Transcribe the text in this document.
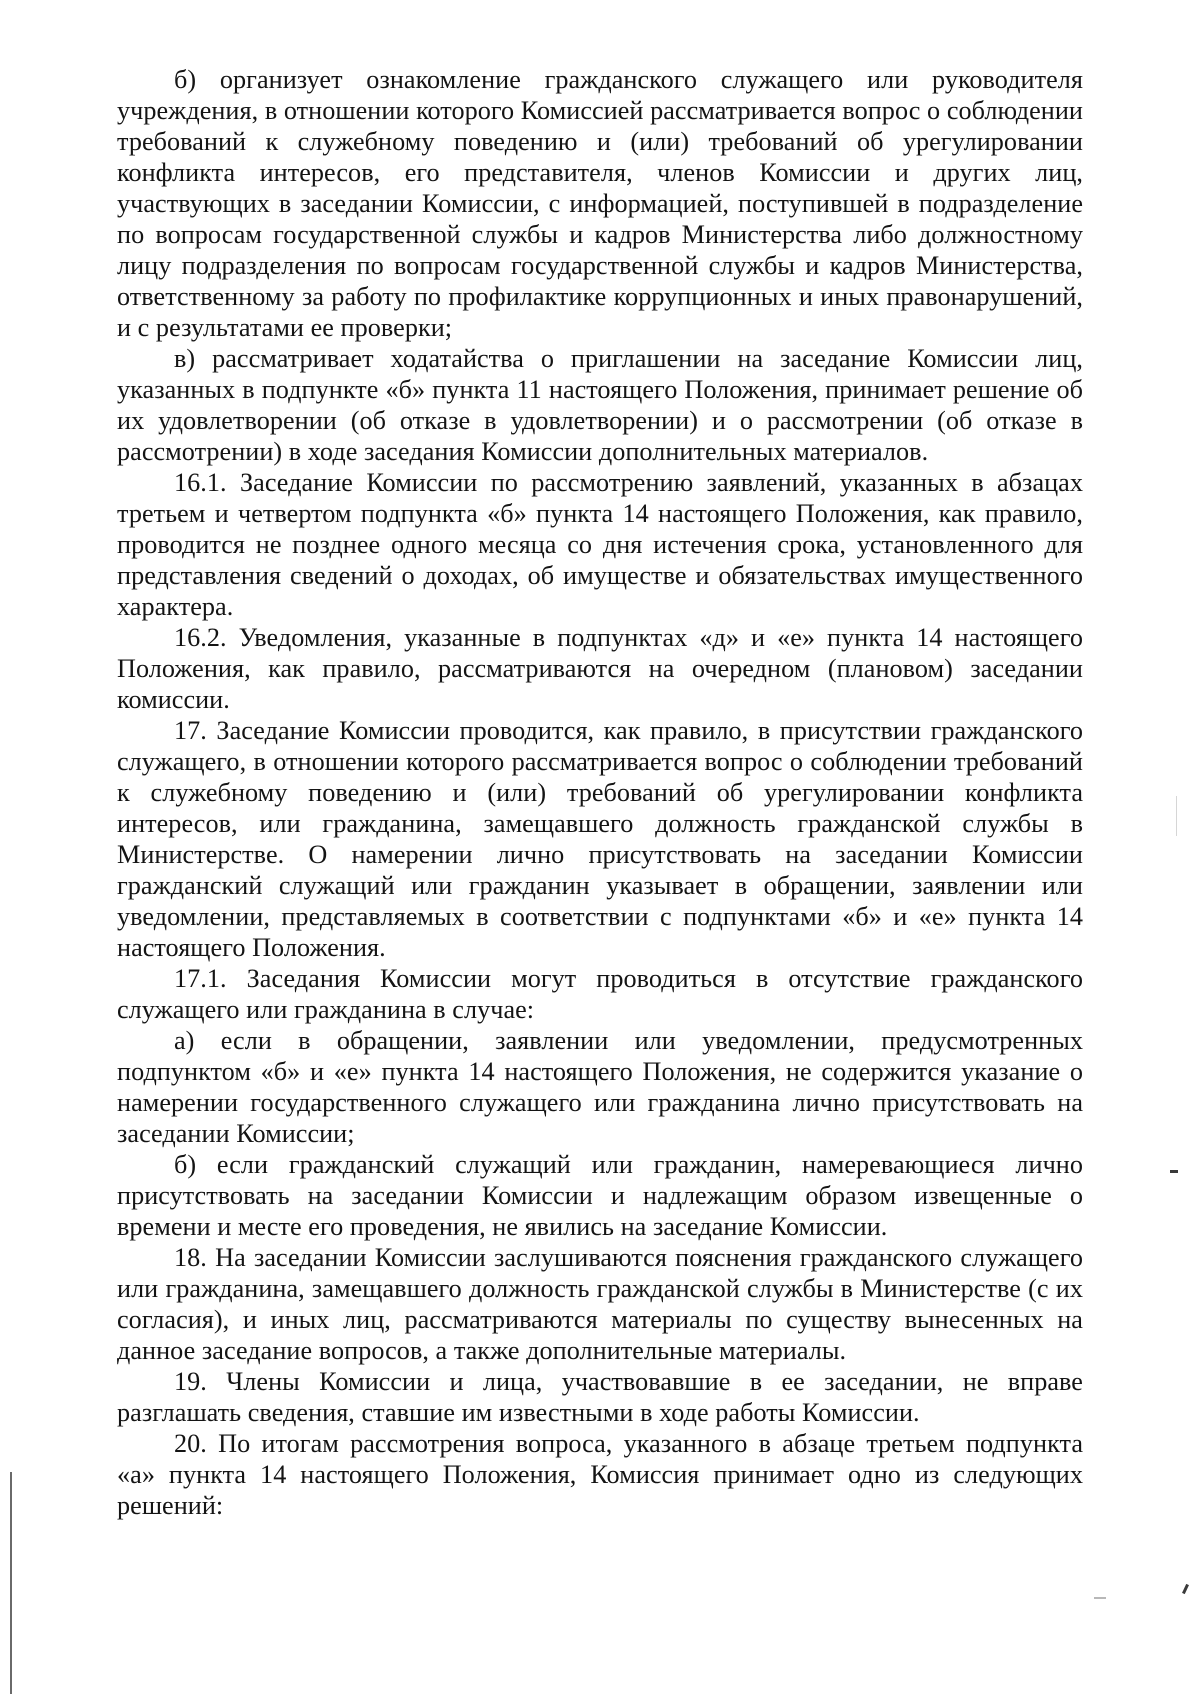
б) организует ознакомление гражданского служащего или руководителя учреждения, в отношении которого Комиссией рассматривается вопрос о соблюдении требований к служебному поведению и (или) требований об урегулировании конфликта интересов, его представителя, членов Комиссии и других лиц, участвующих в заседании Комиссии, с информацией, поступившей в подразделение по вопросам государственной службы и кадров Министерства либо должностному лицу подразделения по вопросам государственной службы и кадров Министерства, ответственному за работу по профилактике коррупционных и иных правонарушений, и с результатами ее проверки;

в) рассматривает ходатайства о приглашении на заседание Комиссии лиц, указанных в подпункте «б» пункта 11 настоящего Положения, принимает решение об их удовлетворении (об отказе в удовлетворении) и о рассмотрении (об отказе в рассмотрении) в ходе заседания Комиссии дополнительных материалов.

16.1. Заседание Комиссии по рассмотрению заявлений, указанных в абзацах третьем и четвертом подпункта «б» пункта 14 настоящего Положения, как правило, проводится не позднее одного месяца со дня истечения срока, установленного для представления сведений о доходах, об имуществе и обязательствах имущественного характера.

16.2. Уведомления, указанные в подпунктах «д» и «е» пункта 14 настоящего Положения, как правило, рассматриваются на очередном (плановом) заседании комиссии.

17. Заседание Комиссии проводится, как правило, в присутствии гражданского служащего, в отношении которого рассматривается вопрос о соблюдении требований к служебному поведению и (или) требований об урегулировании конфликта интересов, или гражданина, замещавшего должность гражданской службы в Министерстве. О намерении лично присутствовать на заседании Комиссии гражданский служащий или гражданин указывает в обращении, заявлении или уведомлении, представляемых в соответствии с подпунктами «б» и «е» пункта 14 настоящего Положения.

17.1. Заседания Комиссии могут проводиться в отсутствие гражданского служащего или гражданина в случае:

а) если в обращении, заявлении или уведомлении, предусмотренных подпунктом «б» и «е» пункта 14 настоящего Положения, не содержится указание о намерении государственного служащего или гражданина лично присутствовать на заседании Комиссии;

б) если гражданский служащий или гражданин, намеревающиеся лично присутствовать на заседании Комиссии и надлежащим образом извещенные о времени и месте его проведения, не явились на заседание Комиссии.

18. На заседании Комиссии заслушиваются пояснения гражданского служащего или гражданина, замещавшего должность гражданской службы в Министерстве (с их согласия), и иных лиц, рассматриваются материалы по существу вынесенных на данное заседание вопросов, а также дополнительные материалы.

19. Члены Комиссии и лица, участвовавшие в ее заседании, не вправе разглашать сведения, ставшие им известными в ходе работы Комиссии.

20. По итогам рассмотрения вопроса, указанного в абзаце третьем подпункта «а» пункта 14 настоящего Положения, Комиссия принимает одно из следующих решений:
